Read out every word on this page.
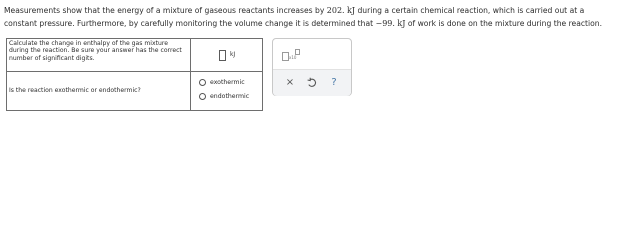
Measurements show that the energy of a mixture of gaseous reactants increases by 202. kJ during a certain chemical reaction, which is carried out at a
constant pressure. Furthermore, by carefully monitoring the volume change it is determined that −99. kJ of work is done on the mixture during the reaction.
Calculate the change in enthalpy of the gas mixture during the reaction. Be sure your answer has the correct number of significant digits.	kJ
Is the reaction exothermic or endothermic?	exothermic
endothermic
x10
×	?
